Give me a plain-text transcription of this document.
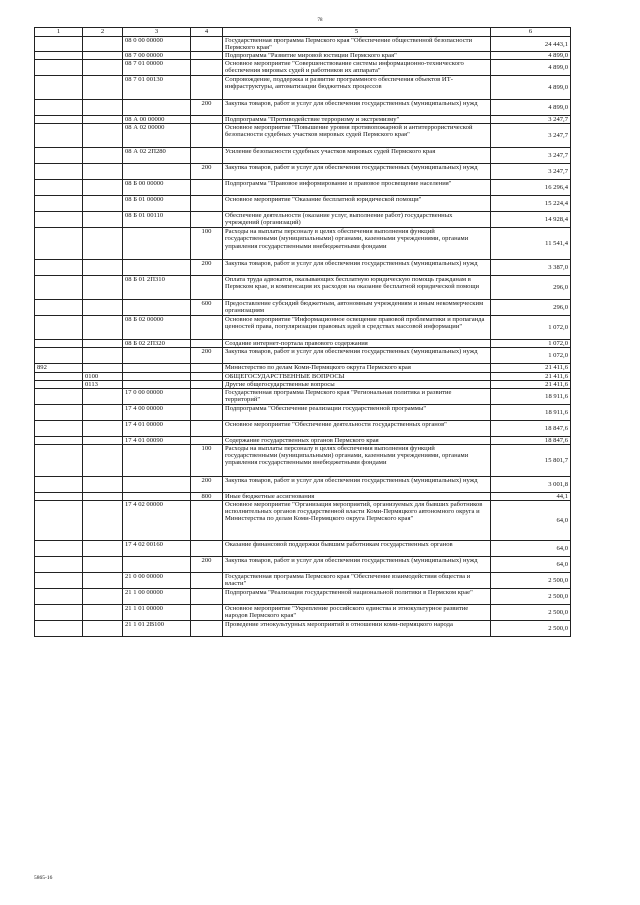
78
1	2	3	4	5	6
		08 0 00 00000		Государственная программа Пермского края "Обеспечение общественной безопасности Пермского края"	24 443,1
		08 7 00 00000		Подпрограмма "Развитие мировой юстиции Пермского края"	4 899,0
		08 7 01 00000		Основное мероприятие "Совершенствование системы информационно-технического обеспечения мировых судей и работников их аппарата"	4 899,0
		08 7 01 00130		Сопровождение, поддержка и развитие программного обеспечения объектов ИТ-инфраструктуры, автоматизации бюджетных процессов	4 899,0
			200	Закупка товаров, работ и услуг для обеспечения государственных (муниципальных) нужд	4 899,0
		08 А 00 00000		Подпрограмма "Противодействие терроризму и экстремизму"	3 247,7
		08 А 02 00000		Основное мероприятие "Повышение уровня противопожарной и антитеррористической безопасности судебных участков мировых судей Пермского края"	3 247,7
		08 А 02 2П280		Усиление безопасности судебных участков мировых судей Пермского края	3 247,7
			200	Закупка товаров, работ и услуг для обеспечения государственных (муниципальных) нужд	3 247,7
		08 Б 00 00000		Подпрограмма "Правовое информирование и правовое просвещение населения"	16 296,4
		08 Б 01 00000		Основное мероприятие "Оказание бесплатной юридической помощи"	15 224,4
		08 Б 01 00110		Обеспечение деятельности (оказание услуг, выполнение работ) государственных учреждений (организаций)	14 928,4
			100	Расходы на выплаты персоналу в целях обеспечения выполнения функций государственными (муниципальными) органами, казенными учреждениями, органами управления государственными внебюджетными фондами	11 541,4
			200	Закупка товаров, работ и услуг для обеспечения государственных (муниципальных) нужд	3 387,0
		08 Б 01 2П310		Оплата труда адвокатов, оказывающих бесплатную юридическую помощь гражданам в Пермском крае, и компенсация их расходов на оказание бесплатной юридической помощи	296,0
			600	Предоставление субсидий бюджетным, автономным учреждениям и иным некоммерческим организациям	296,0
		08 Б 02 00000		Основное мероприятие "Информационное освещение правовой проблематики и пропаганда ценностей права, популяризация правовых идей в средствах массовой информации"	1 072,0
		08 Б 02 2П320		Создание интернет-портала правового содержания	1 072,0
			200	Закупка товаров, работ и услуг для обеспечения государственных (муниципальных) нужд	1 072,0
892				Министерство по делам Коми-Пермяцкого округа Пермского края	21 411,6
	0100			ОБЩЕГОСУДАРСТВЕННЫЕ ВОПРОСЫ	21 411,6
	0113			Другие общегосударственные вопросы	21 411,6
		17 0 00 00000		Государственная программа Пермского края "Региональная политика и развитие территорий"	18 911,6
		17 4 00 00000		Подпрограмма "Обеспечение реализации государственной программы"	18 911,6
		17 4 01 00000		Основное мероприятие "Обеспечение деятельности государственных органов"	18 847,6
		17 4 01 00090		Содержание государственных органов Пермского края	18 847,6
			100	Расходы на выплаты персоналу в целях обеспечения выполнения функций государственными (муниципальными) органами, казенными учреждениями, органами управления государственными внебюджетными фондами	15 801,7
			200	Закупка товаров, работ и услуг для обеспечения государственных (муниципальных) нужд	3 001,8
			800	Иные бюджетные ассигнования	44,1
		17 4 02 00000		Основное мероприятие "Организация мероприятий, организуемых для бывших работников исполнительных органов государственной власти Коми-Пермяцкого автономного округа и Министерства по делам Коми-Пермяцкого округа Пермского края"	64,0
		17 4 02 00160		Оказание финансовой поддержки бывшим работникам государственных органов	64,0
			200	Закупка товаров, работ и услуг для обеспечения государственных (муниципальных) нужд	64,0
		21 0 00 00000		Государственная программа Пермского края "Обеспечение взаимодействия общества и власти"	2 500,0
		21 1 00 00000		Подпрограмма "Реализация государственной национальной политики в Пермском крае"	2 500,0
		21 1 01 00000		Основное мероприятие "Укрепление российского единства и этнокультурное развитие народов Пермского края"	2 500,0
		21 1 01 2В100		Проведение этнокультурных мероприятий в отношении коми-пермяцкого народа	2 500,0
5865-16
